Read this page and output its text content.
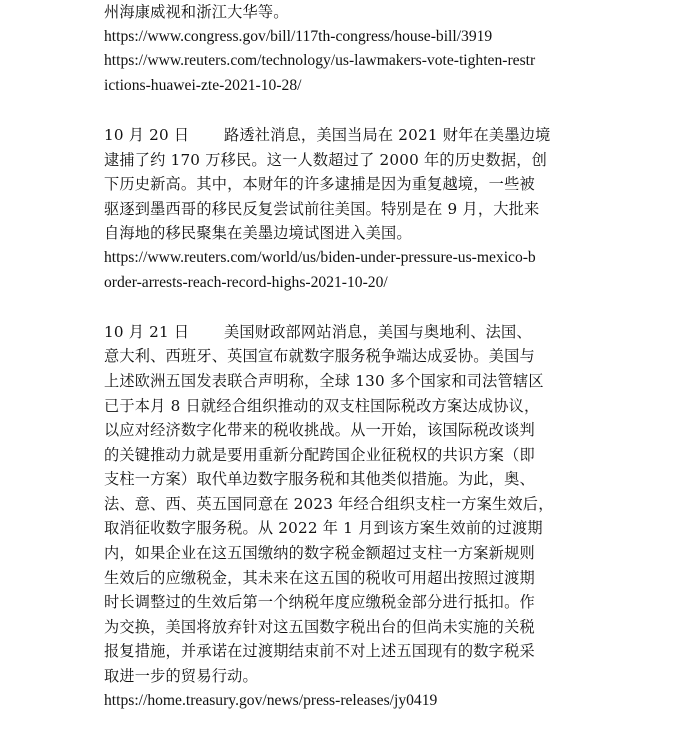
州海康威视和浙江大华等。
https://www.congress.gov/bill/117th-congress/house-bill/3919
https://www.reuters.com/technology/us-lawmakers-vote-tighten-restr
ictions-huawei-zte-2021-10-28/
10 月 20 日 路透社消息，美国当局在 2021 财年在美墨边境
逮捕了约 170 万移民。这一人数超过了 2000 年的历史数据，创
下历史新高。其中，本财年的许多逮捕是因为重复越境，一些被
驱逐到墨西哥的移民反复尝试前往美国。特别是在 9 月，大批来
自海地的移民聚集在美墨边境试图进入美国。
https://www.reuters.com/world/us/biden-under-pressure-us-mexico-b
order-arrests-reach-record-highs-2021-10-20/
10 月 21 日 美国财政部网站消息，美国与奥地利、法国、
意大利、西班牙、英国宣布就数字服务税争端达成妥协。美国与
上述欧洲五国发表联合声明称，全球 130 多个国家和司法管辖区
已于本月 8 日就经合组织推动的双支柱国际税改方案达成协议，
以应对经济数字化带来的税收挑战。从一开始，该国际税改谈判
的关键推动力就是要用重新分配跨国企业征税权的共识方案（即
支柱一方案）取代单边数字服务税和其他类似措施。为此，奥、
法、意、西、英五国同意在 2023 年经合组织支柱一方案生效后，
取消征收数字服务税。从 2022 年 1 月到该方案生效前的过渡期
内，如果企业在这五国缴纳的数字税金额超过支柱一方案新规则
生效后的应缴税金，其未来在这五国的税收可用超出按照过渡期
时长调整过的生效后第一个纳税年度应缴税金部分进行抵扣。作
为交换，美国将放弃针对这五国数字税出台的但尚未实施的关税
报复措施，并承诺在过渡期结束前不对上述五国现有的数字税采
取进一步的贸易行动。
https://home.treasury.gov/news/press-releases/jy0419
